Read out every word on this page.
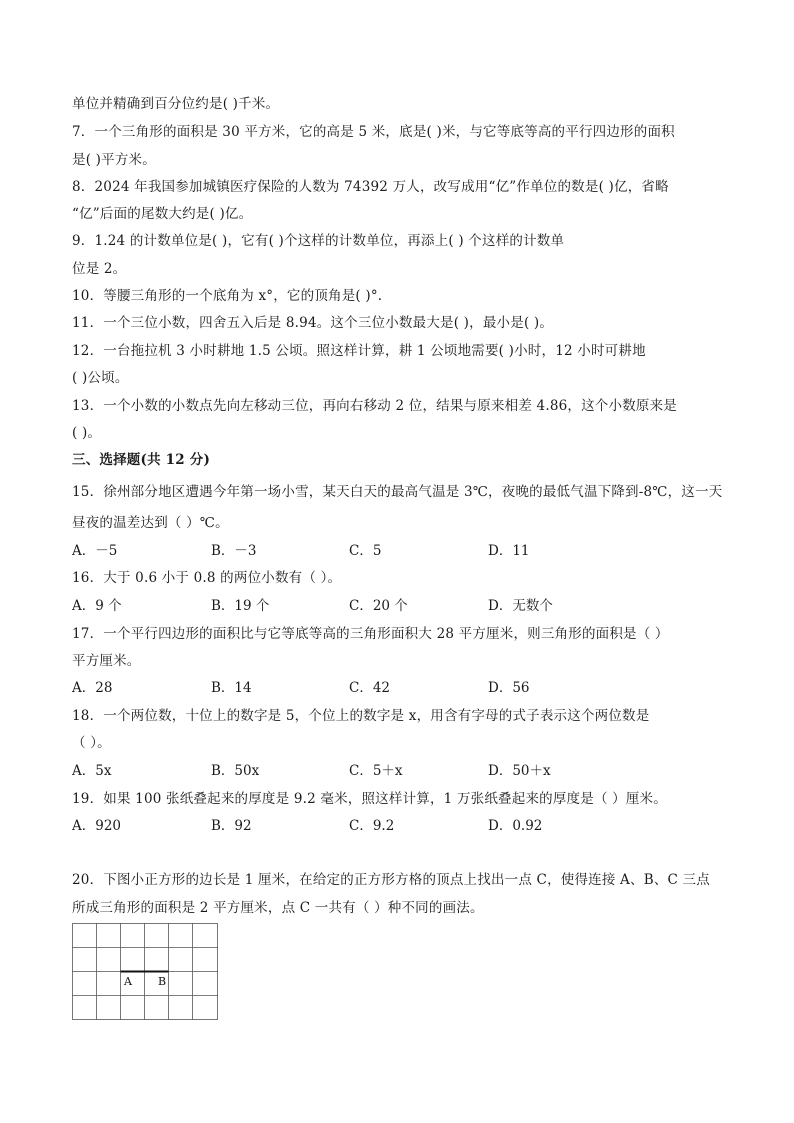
单位并精确到百分位约是( )千米。
7．一个三角形的面积是 30 平方米，它的高是 5 米，底是( )米，与它等底等高的平行四边形的面积
是( )平方米。
8．2024 年我国参加城镇医疗保险的人数为 74392 万人，改写成用“亿”作单位的数是( )亿，省略
“亿”后面的尾数大约是( )亿。
9．1.24 的计数单位是( )，它有( )个这样的计数单位，再添上( ) 个这样的计数单
位是 2。
10．等腰三角形的一个底角为 x°，它的顶角是( )°.
11．一个三位小数，四舍五入后是 8.94。这个三位小数最大是( )，最小是( )。
12．一台拖拉机 3 小时耕地 1.5 公顷。照这样计算，耕 1 公顷地需要( )小时，12 小时可耕地
( )公顷。
13．一个小数的小数点先向左移动三位，再向右移动 2 位，结果与原来相差 4.86，这个小数原来是
( )。
三、选择题(共 12 分)
15．徐州部分地区遭遇今年第一场小雪，某天白天的最高气温是 3℃，夜晚的最低气温下降到-8℃，这一天
昼夜的温差达到（ ）℃。
A．－5	B．－3	C．5	D．11
16．大于 0.6 小于 0.8 的两位小数有（ ）。
A．9 个	B．19 个	C．20 个	D．无数个
17．一个平行四边形的面积比与它等底等高的三角形面积大 28 平方厘米，则三角形的面积是（ ）
平方厘米。
A．28	B．14	C．42	D．56
18．一个两位数，十位上的数字是 5，个位上的数字是 x，用含有字母的式子表示这个两位数是
（ ）。
A．5x	B．50x	C．5＋x	D．50＋x
19．如果 100 张纸叠起来的厚度是 9.2 毫米，照这样计算，1 万张纸叠起来的厚度是（ ）厘米。
A．920	B．92	C．9.2	D．0.92
20．下图小正方形的边长是 1 厘米，在给定的正方形方格的顶点上找出一点 C，使得连接 A、B、C 三点
所成三角形的面积是 2 平方厘米，点 C 一共有（ ）种不同的画法。
A B
